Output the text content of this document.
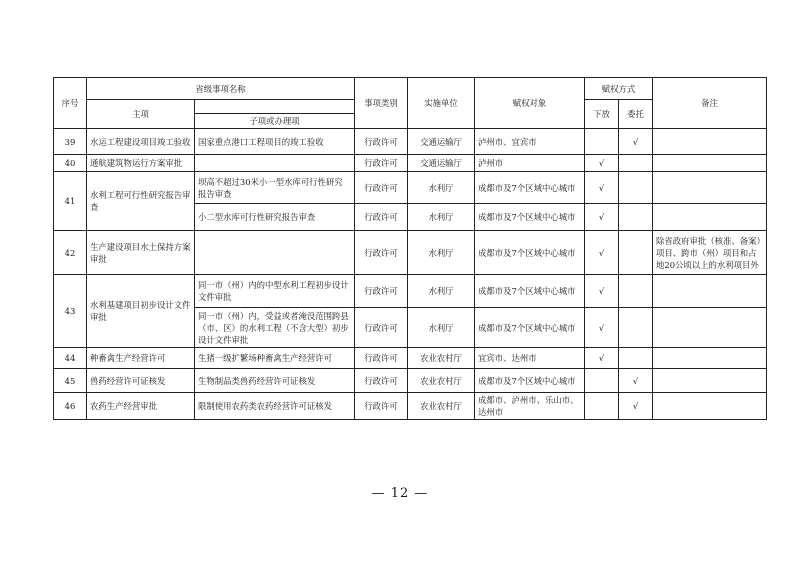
序号	省级事项名称		事项类别	实施单位	赋权对象	赋权方式		备注
	主项					下放	委托	
		子项或办理项						
39	水运工程建设项目竣工验收	国家重点港口工程项目的竣工验收	行政许可	交通运输厅	泸州市、宜宾市		√	
40	通航建筑物运行方案审批		行政许可	交通运输厅	泸州市	√		
41	水利工程可行性研究报告审查	坝高不超过30米小一型水库可行性研究报告审查	行政许可	水利厅	成都市及7个区域中心城市	√		
		小二型水库可行性研究报告审查	行政许可	水利厅	成都市及7个区域中心城市	√		
42	生产建设项目水土保持方案审批		行政许可	水利厅	成都市及7个区域中心城市	√		除省政府审批（核准、备案）项目、跨市（州）项目和占地20公顷以上的水利项目外
43	水利基建项目初步设计文件审批	同一市（州）内的中型水利工程初步设计文件审批	行政许可	水利厅	成都市及7个区域中心城市	√		
		同一市（州）内，受益或者淹没范围跨县（市、区）的水利工程（不含大型）初步设计文件审批	行政许可	水利厅	成都市及7个区域中心城市	√		
44	种畜禽生产经营许可	生猪一级扩繁场种畜禽生产经营许可	行政许可	农业农村厅	宜宾市、达州市	√		
45	兽药经营许可证核发	生物制品类兽药经营许可证核发	行政许可	农业农村厅	成都市及7个区域中心城市		√	
46	农药生产经营审批	限制使用农药类农药经营许可证核发	行政许可	农业农村厅	成都市、泸州市、乐山市、达州市		√	
— 12 —
